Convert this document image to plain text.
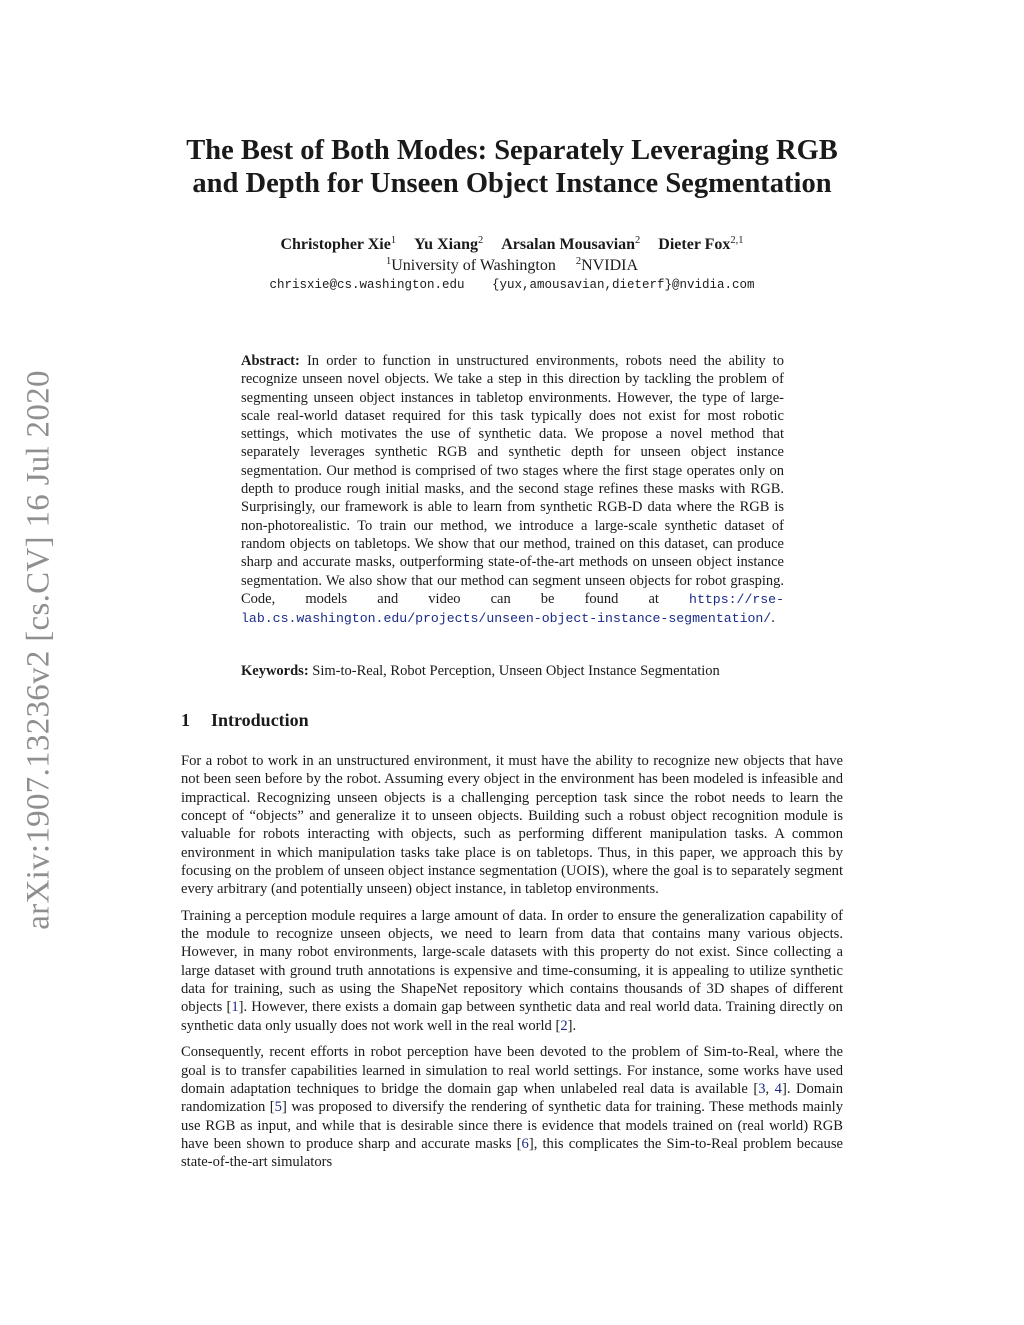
arXiv:1907.13236v2 [cs.CV] 16 Jul 2020
The Best of Both Modes: Separately Leveraging RGB
and Depth for Unseen Object Instance Segmentation
Christopher Xie$^1$ Yu Xiang$^2$ Arsalan Mousavian$^2$ Dieter Fox$^{2,1}$
$^1$University of Washington $^2$NVIDIA
chrisxie@cs.washington.edu {yux,amousavian,dieterf}@nvidia.com
Abstract: In order to function in unstructured environments, robots need the ability to recognize unseen novel objects. We take a step in this direction by tackling the problem of segmenting unseen object instances in tabletop environments. However, the type of large-scale real-world dataset required for this task typically does not exist for most robotic settings, which motivates the use of synthetic data. We propose a novel method that separately leverages synthetic RGB and synthetic depth for unseen object instance segmentation. Our method is comprised of two stages where the first stage operates only on depth to produce rough initial masks, and the second stage refines these masks with RGB. Surprisingly, our framework is able to learn from synthetic RGB-D data where the RGB is non-photorealistic. To train our method, we introduce a large-scale synthetic dataset of random objects on tabletops. We show that our method, trained on this dataset, can produce sharp and accurate masks, outperforming state-of-the-art methods on unseen object instance segmentation. We also show that our method can segment unseen objects for robot grasping. Code, models and video can be found at https://rse-lab.cs.washington.edu/projects/unseen-object-instance-segmentation/.
Keywords: Sim-to-Real, Robot Perception, Unseen Object Instance Segmentation
1 Introduction

For a robot to work in an unstructured environment, it must have the ability to recognize new objects that have not been seen before by the robot. Assuming every object in the environment has been modeled is infeasible and impractical. Recognizing unseen objects is a challenging perception task since the robot needs to learn the concept of “objects” and generalize it to unseen objects. Building such a robust object recognition module is valuable for robots interacting with objects, such as performing different manipulation tasks. A common environment in which manipulation tasks take place is on tabletops. Thus, in this paper, we approach this by focusing on the problem of unseen object instance segmentation (UOIS), where the goal is to separately segment every arbitrary (and potentially unseen) object instance, in tabletop environments.

Training a perception module requires a large amount of data. In order to ensure the generalization capability of the module to recognize unseen objects, we need to learn from data that contains many various objects. However, in many robot environments, large-scale datasets with this property do not exist. Since collecting a large dataset with ground truth annotations is expensive and time-consuming, it is appealing to utilize synthetic data for training, such as using the ShapeNet repository which contains thousands of 3D shapes of different objects [1]. However, there exists a domain gap between synthetic data and real world data. Training directly on synthetic data only usually does not work well in the real world [2].

Consequently, recent efforts in robot perception have been devoted to the problem of Sim-to-Real, where the goal is to transfer capabilities learned in simulation to real world settings. For instance, some works have used domain adaptation techniques to bridge the domain gap when unlabeled real data is available [3, 4]. Domain randomization [5] was proposed to diversify the rendering of synthetic data for training. These methods mainly use RGB as input, and while that is desirable since there is evidence that models trained on (real world) RGB have been shown to produce sharp and accurate masks [6], this complicates the Sim-to-Real problem because state-of-the-art simulators
